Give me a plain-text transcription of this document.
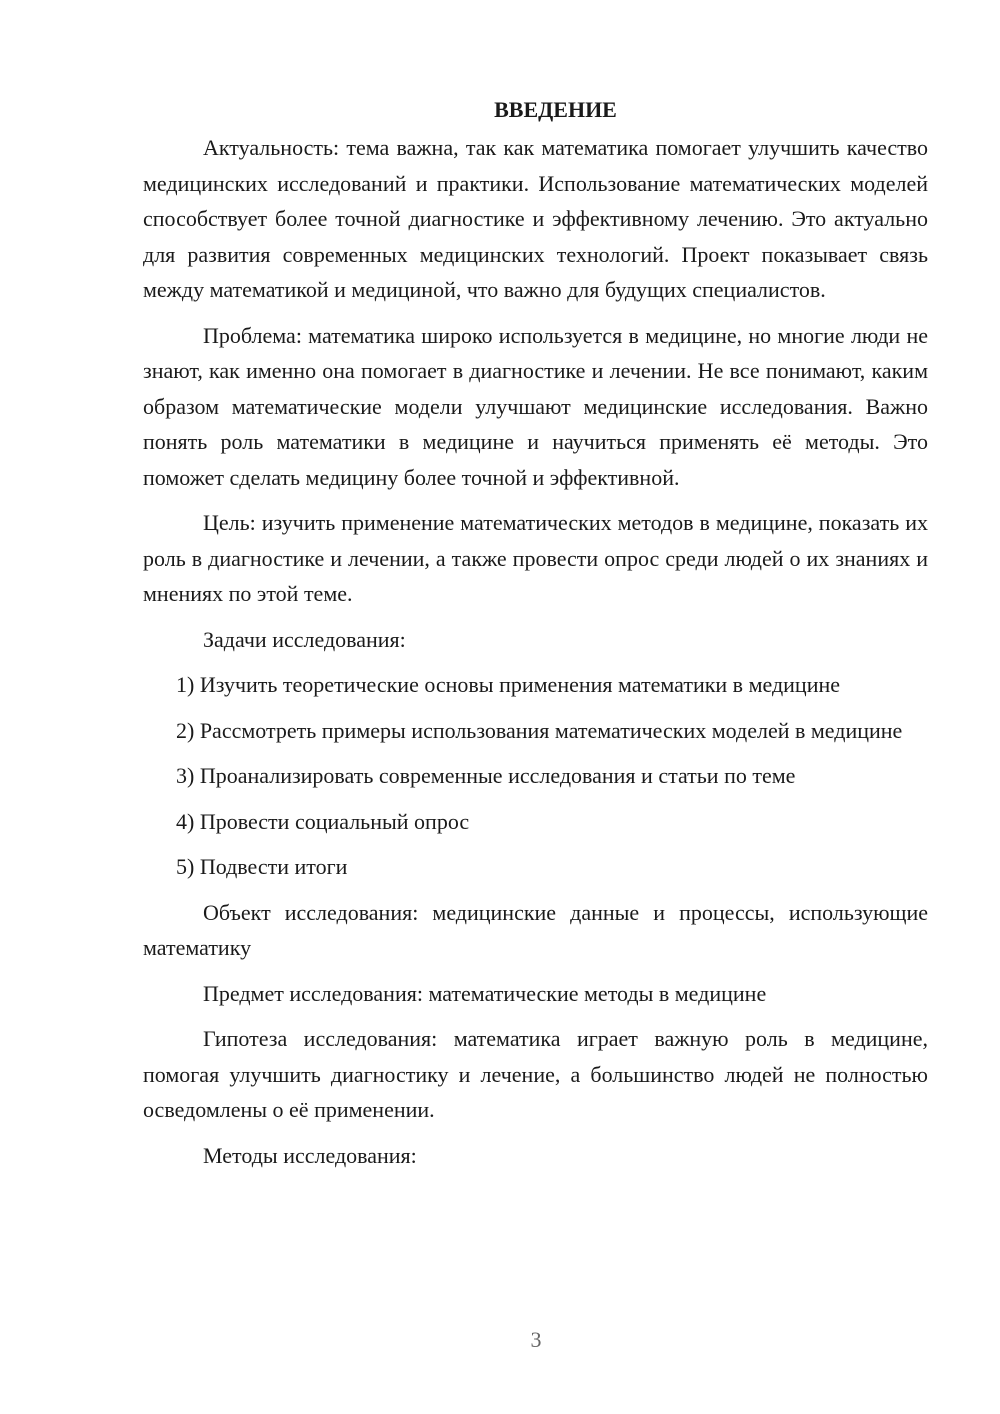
ВВЕДЕНИЕ

Актуальность: тема важна, так как математика помогает улучшить качество медицинских исследований и практики. Использование математических моделей способствует более точной диагностике и эффективному лечению. Это актуально для развития современных медицинских технологий. Проект показывает связь между математикой и медициной, что важно для будущих специалистов.

Проблема: математика широко используется в медицине, но многие люди не знают, как именно она помогает в диагностике и лечении. Не все понимают, каким образом математические модели улучшают медицинские исследования. Важно понять роль математики в медицине и научиться применять её методы. Это поможет сделать медицину более точной и эффективной.

Цель: изучить применение математических методов в медицине, показать их роль в диагностике и лечении, а также провести опрос среди людей о их знаниях и мнениях по этой теме.

Задачи исследования:

1) Изучить теоретические основы применения математики в медицине

2) Рассмотреть примеры использования математических моделей в медицине

3) Проанализировать современные исследования и статьи по теме

4) Провести социальный опрос

5) Подвести итоги

Объект исследования: медицинские данные и процессы, использующие математику

Предмет исследования: математические методы в медицине

Гипотеза исследования: математика играет важную роль в медицине, помогая улучшить диагностику и лечение, а большинство людей не полностью осведомлены о её применении.

Методы исследования:

3
